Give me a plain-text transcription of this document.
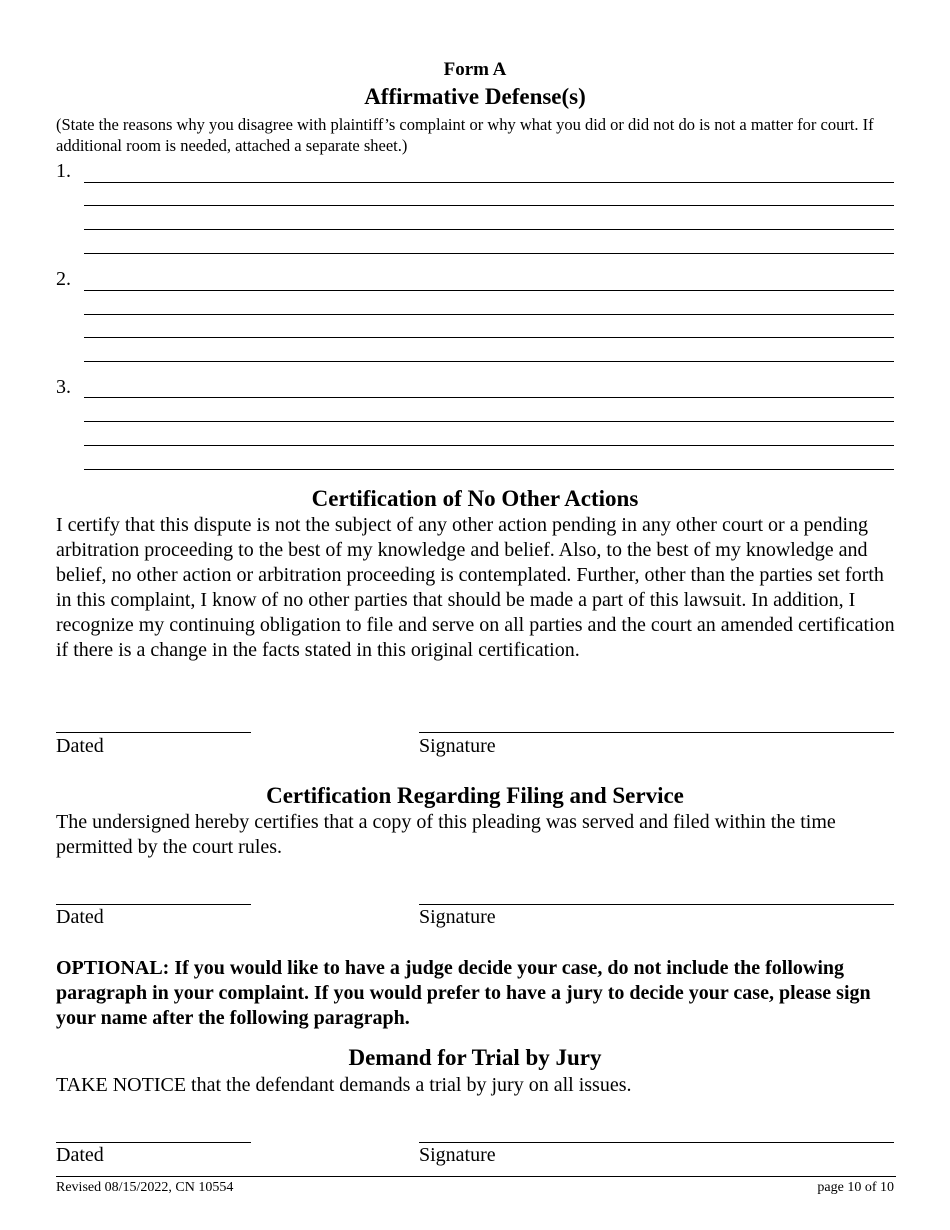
Form A
Affirmative Defense(s)
(State the reasons why you disagree with plaintiff’s complaint or why what you did or did not do is not a matter for court. If additional room is needed, attached a separate sheet.)
1.
2.
3.
Certification of No Other Actions
I certify that this dispute is not the subject of any other action pending in any other court or a pending arbitration proceeding to the best of my knowledge and belief. Also, to the best of my knowledge and belief, no other action or arbitration proceeding is contemplated. Further, other than the parties set forth in this complaint, I know of no other parties that should be made a part of this lawsuit. In addition, I recognize my continuing obligation to file and serve on all parties and the court an amended certification if there is a change in the facts stated in this original certification.
Dated	Signature
Certification Regarding Filing and Service
The undersigned hereby certifies that a copy of this pleading was served and filed within the time permitted by the court rules.
Dated	Signature
OPTIONAL: If you would like to have a judge decide your case, do not include the following paragraph in your complaint. If you would prefer to have a jury to decide your case, please sign your name after the following paragraph.
Demand for Trial by Jury
TAKE NOTICE that the defendant demands a trial by jury on all issues.
Dated	Signature
Revised 08/15/2022, CN 10554	page 10 of 10
